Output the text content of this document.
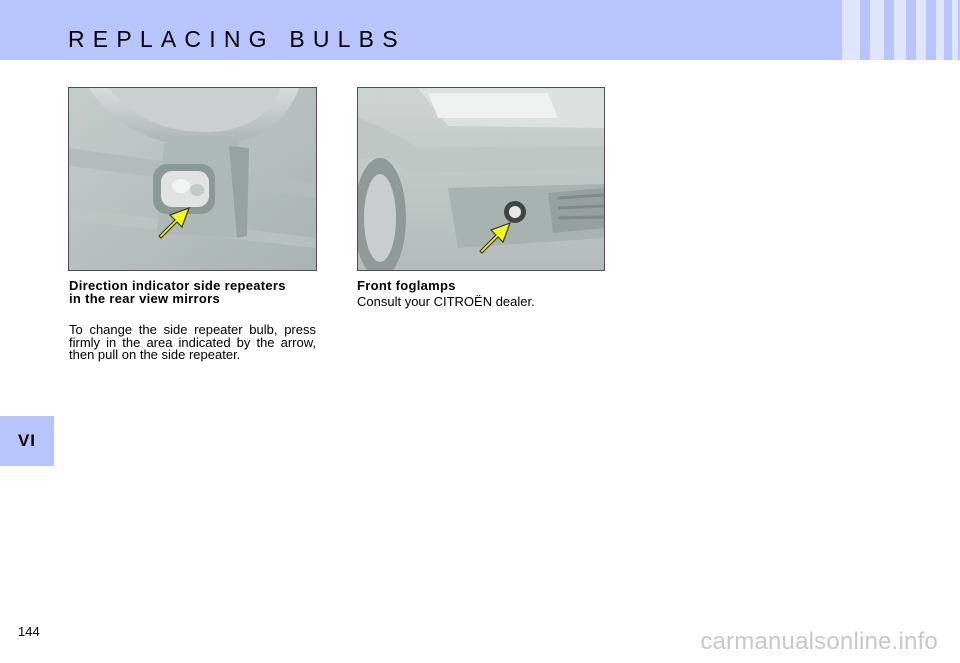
REPLACING BULBS
VI
Direction indicator side repeaters in the rear view mirrors
To change the side repeater bulb, press firmly in the area indicated by the arrow, then pull on the side repeater.
Front foglamps
Consult your CITROËN dealer.
144	carmanualsonline.info
